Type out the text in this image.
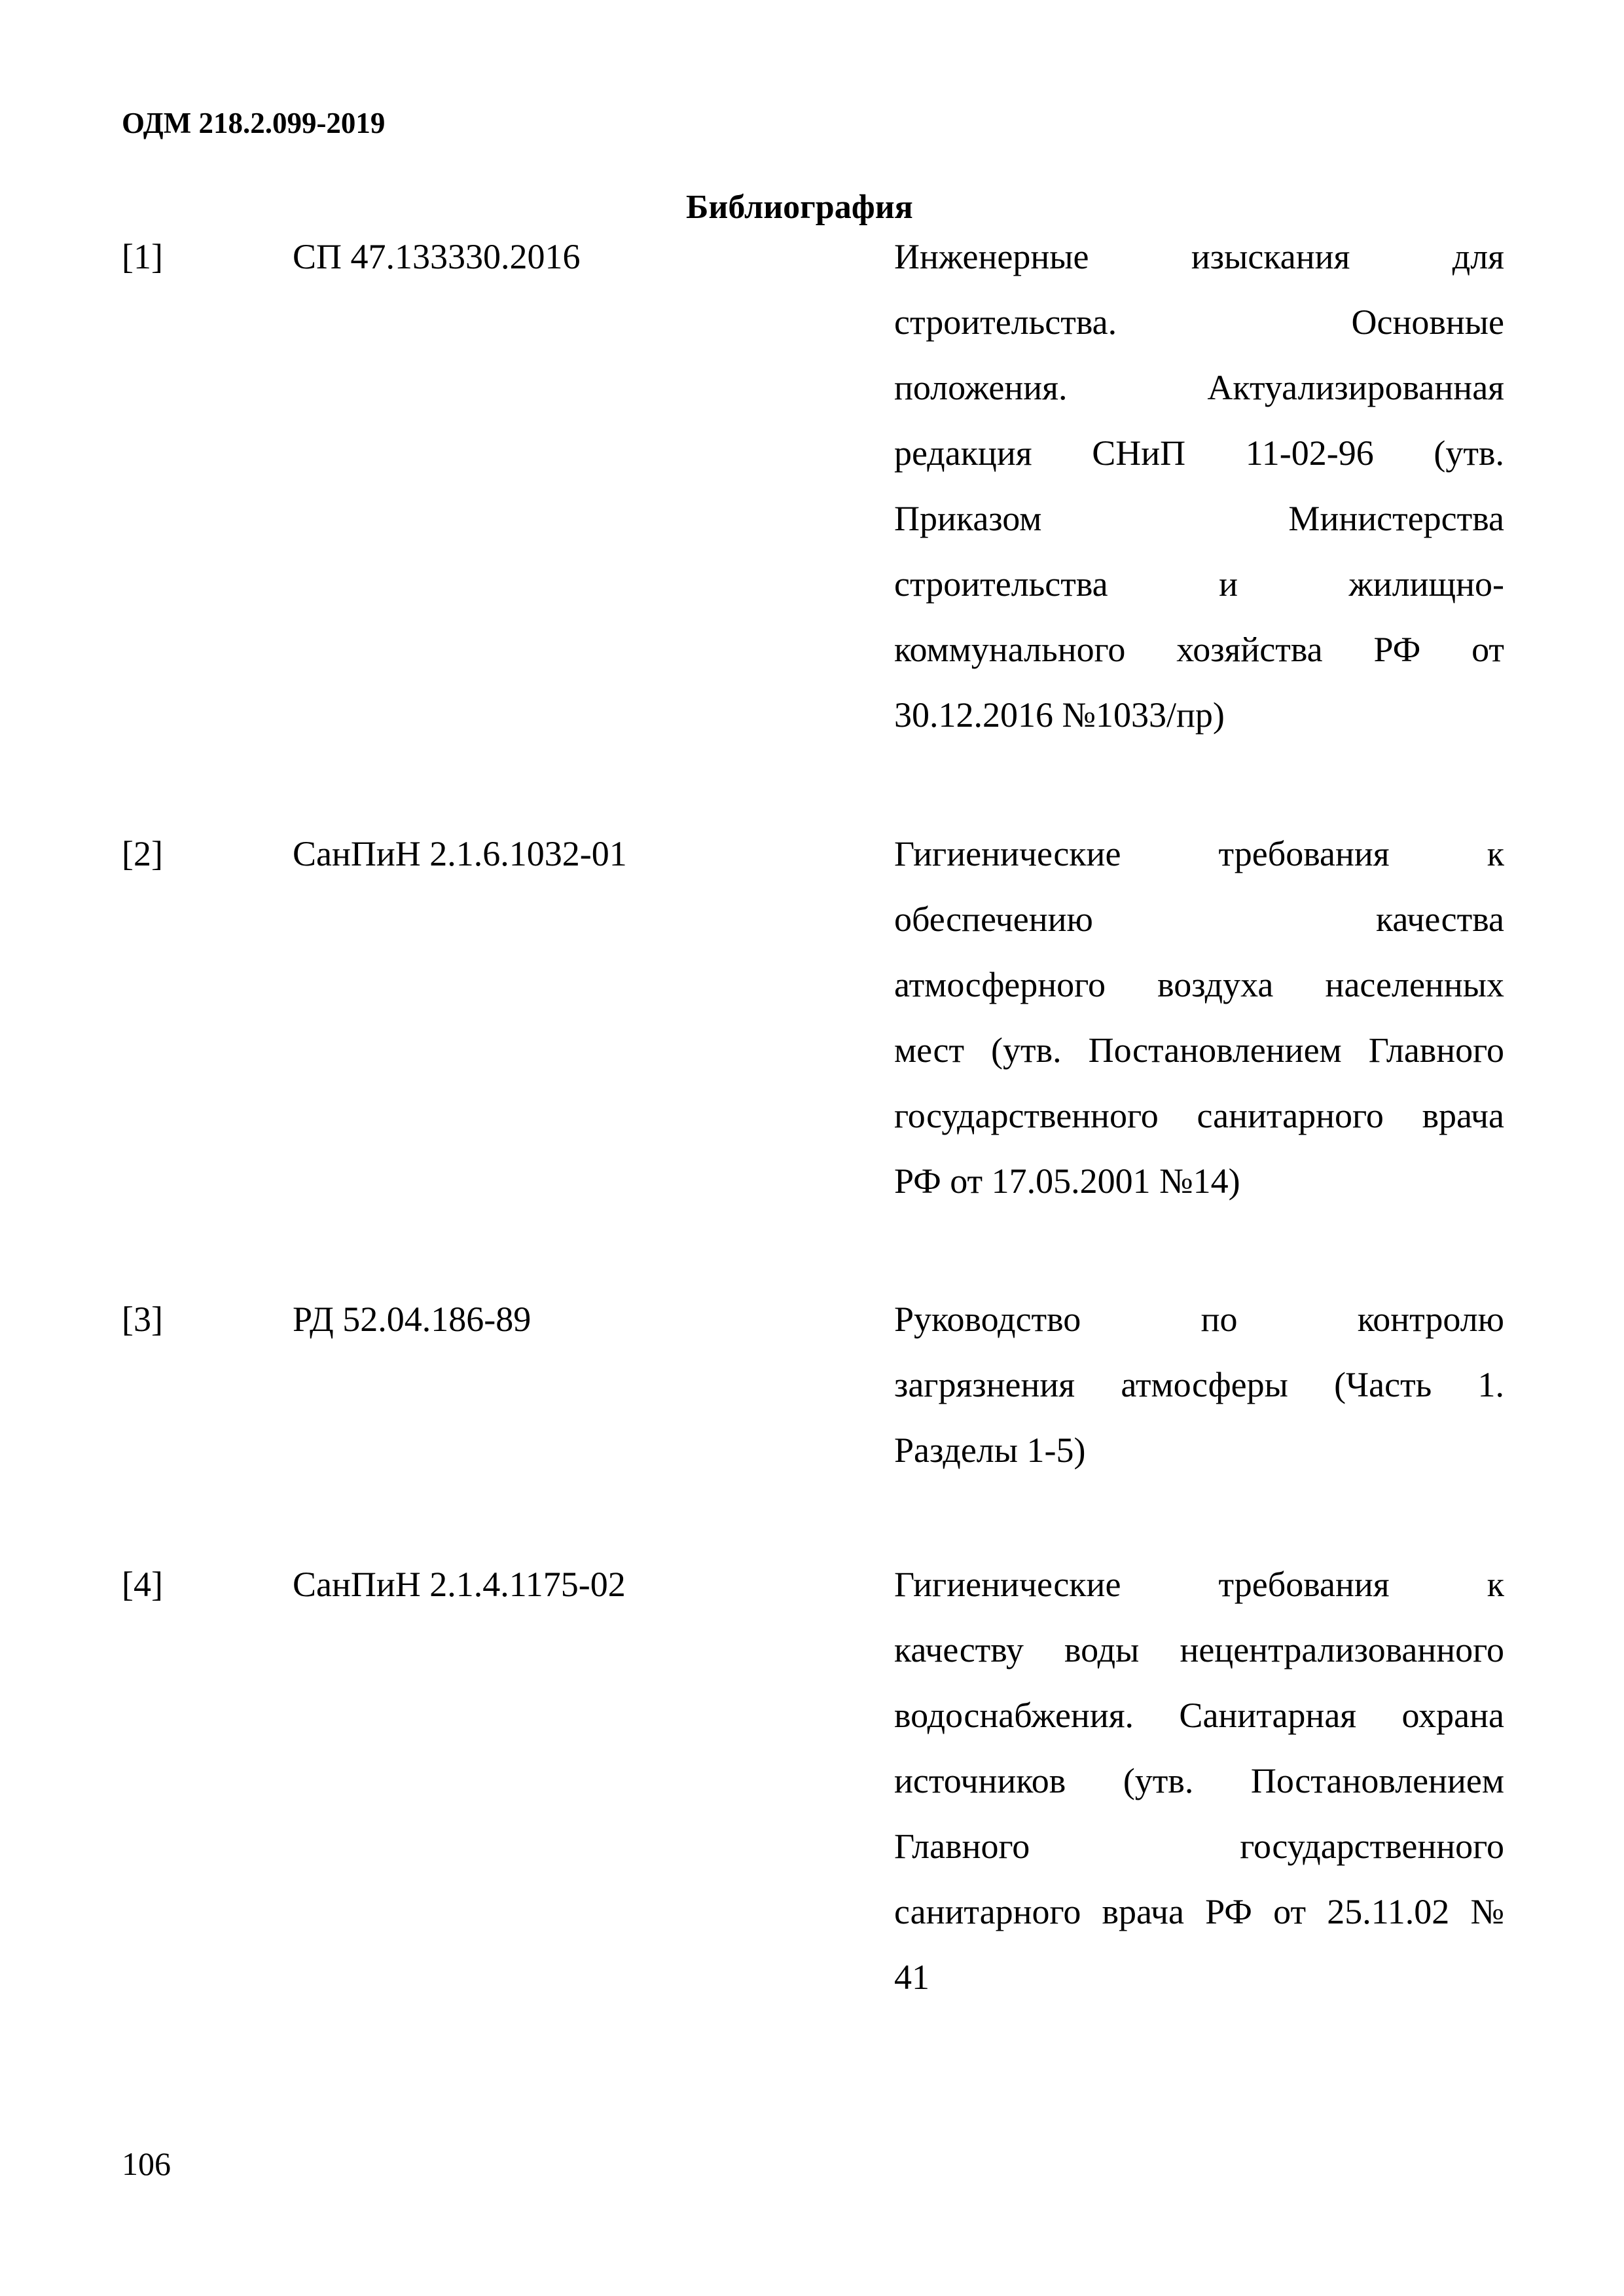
ОДМ 218.2.099-2019
Библиография
[1]	СП 47.133330.2016	Инженерные изыскания для
строительства. Основные
положения. Актуализированная
редакция СНиП 11-02-96 (утв.
Приказом Министерства
строительства и жилищно-
коммунального хозяйства РФ от
30.12.2016 №1033/пр)
[2]	СанПиН 2.1.6.1032-01	Гигиенические требования к
обеспечению качества
атмосферного воздуха населенных
мест (утв. Постановлением Главного
государственного санитарного врача
РФ от 17.05.2001 №14)
[3]	РД 52.04.186-89	Руководство по контролю
загрязнения атмосферы (Часть 1.
Разделы 1-5)
[4]	СанПиН 2.1.4.1175-02	Гигиенические требования к
качеству воды нецентрализованного
водоснабжения. Санитарная охрана
источников (утв. Постановлением
Главного государственного
санитарного врача РФ от 25.11.02 №
41
106
